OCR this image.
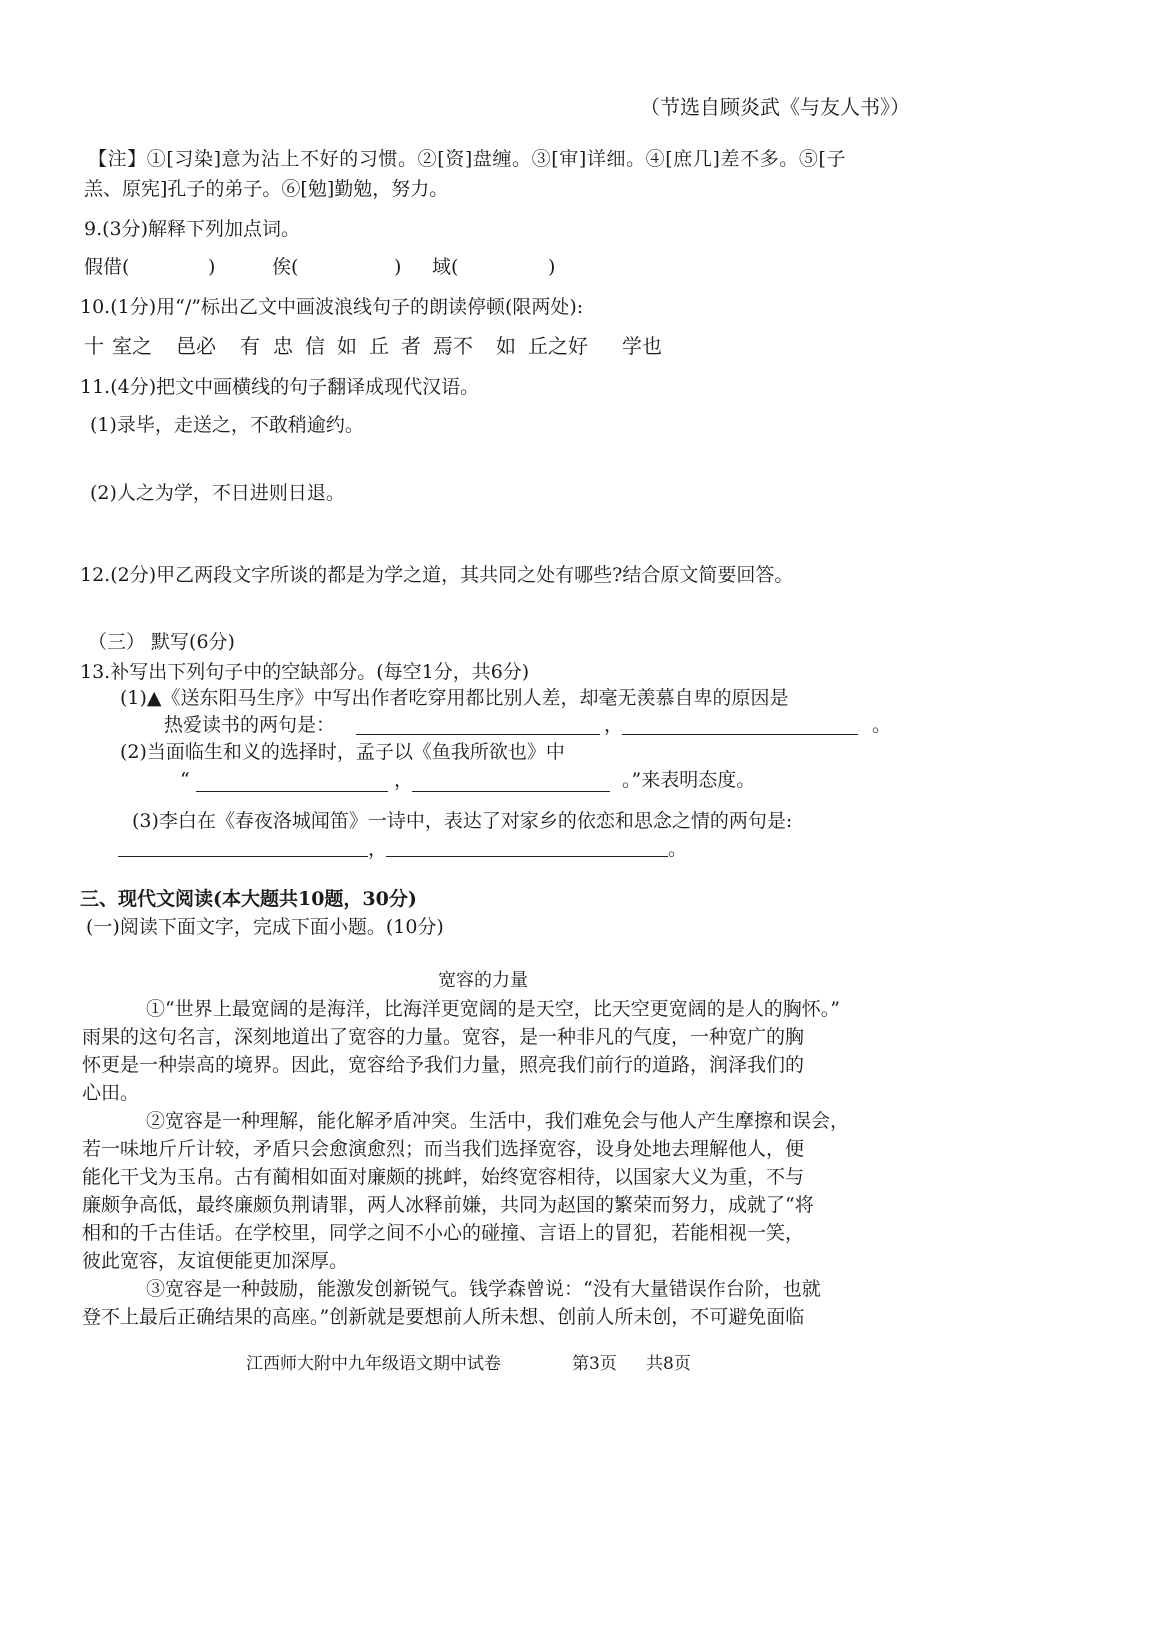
（节选自顾炎武《与友人书》）
【注】①[习染]意为沾上不好的习惯。②[资]盘缠。③[审]详细。④[庶几]差不多。⑤[子
羔、原宪]孔子的弟子。⑥[勉]勤勉，努力。
9.(3分)解释下列加点词。
假借(	)	俟(	) 域(	)
10.(1分)用“/”标出乙文中画波浪线句子的朗读停顿(限两处):
十 室之 邑必 有 忠 信 如 丘 者 焉不 如 丘之好 学也
11.(4分)把文中画横线的句子翻译成现代汉语。
(1)录毕，走送之，不敢稍逾约。
(2)人之为学，不日进则日退。
12.(2分)甲乙两段文字所谈的都是为学之道，其共同之处有哪些?结合原文简要回答。
（三） 默写(6分)
13.补写出下列句子中的空缺部分。(每空1分，共6分)
(1)▲《送东阳马生序》中写出作者吃穿用都比别人差，却毫无羡慕自卑的原因是
热爱读书的两句是：	，	。
(2)当面临生和义的选择时，孟子以《鱼我所欲也》中
“	，	。”来表明态度。
(3)李白在《春夜洛城闻笛》一诗中，表达了对家乡的依恋和思念之情的两句是:
，	。
三、现代文阅读(本大题共10题，30分)
(一)阅读下面文字，完成下面小题。(10分)
宽容的力量
①“世界上最宽阔的是海洋，比海洋更宽阔的是天空，比天空更宽阔的是人的胸怀。”
雨果的这句名言，深刻地道出了宽容的力量。宽容，是一种非凡的气度，一种宽广的胸
怀更是一种崇高的境界。因此，宽容给予我们力量，照亮我们前行的道路，润泽我们的
心田。
②宽容是一种理解，能化解矛盾冲突。生活中，我们难免会与他人产生摩擦和误会，
若一味地斤斤计较，矛盾只会愈演愈烈；而当我们选择宽容，设身处地去理解他人，便
能化干戈为玉帛。古有蔺相如面对廉颇的挑衅，始终宽容相待，以国家大义为重，不与
廉颇争高低，最终廉颇负荆请罪，两人冰释前嫌，共同为赵国的繁荣而努力，成就了“将
相和的千古佳话。在学校里，同学之间不小心的碰撞、言语上的冒犯，若能相视一笑，
彼此宽容，友谊便能更加深厚。
③宽容是一种鼓励，能激发创新锐气。钱学森曾说：“没有大量错误作台阶，也就
登不上最后正确结果的高座。”创新就是要想前人所未想、创前人所未创，不可避免面临
江西师大附中九年级语文期中试卷	第3页 共8页
